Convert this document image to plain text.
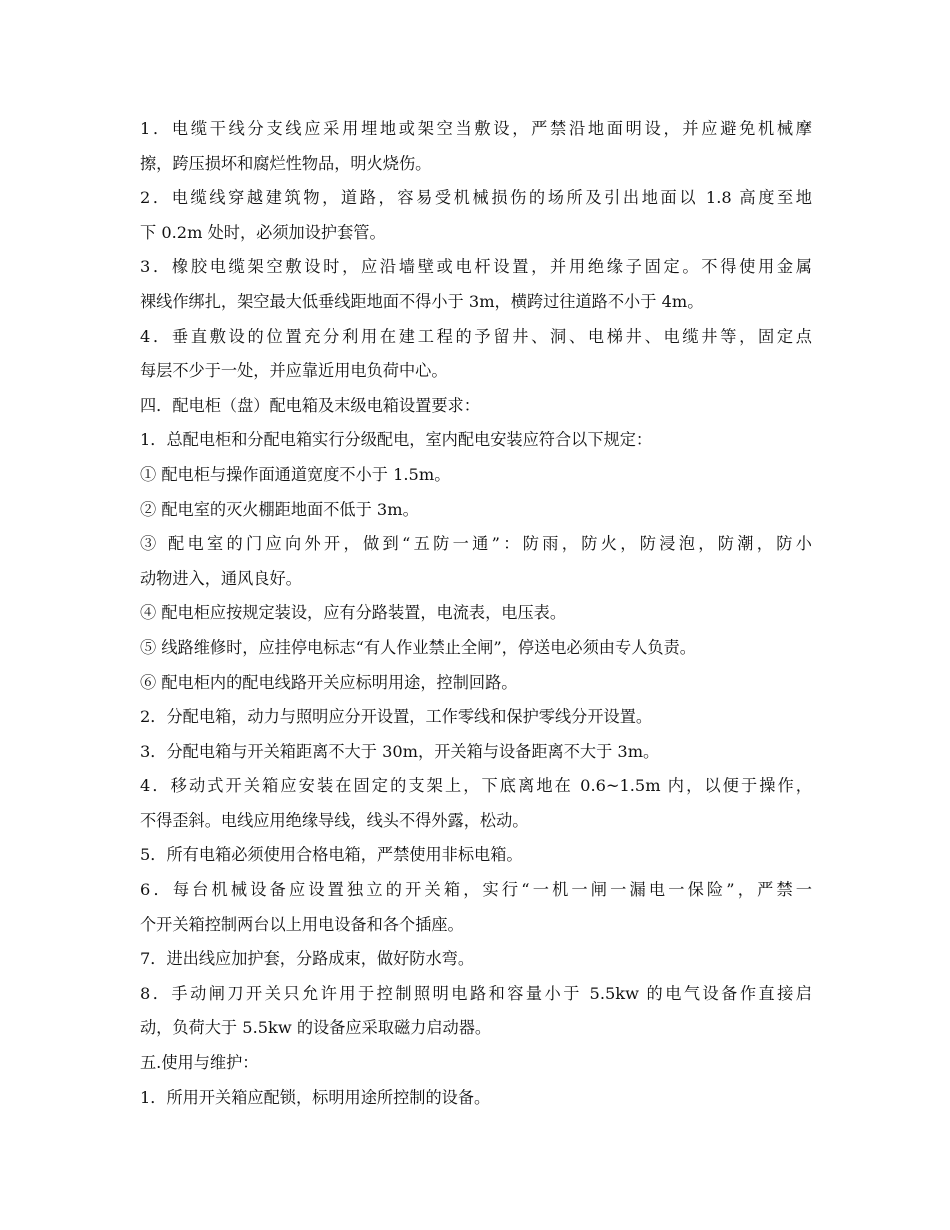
1．电缆干线分支线应采用埋地或架空当敷设，严禁沿地面明设，并应避免机械摩
擦，跨压损坏和腐烂性物品，明火烧伤。
2．电缆线穿越建筑物，道路，容易受机械损伤的场所及引出地面以 1.8 高度至地
下 0.2m 处时，必须加设护套管。
3．橡胶电缆架空敷设时，应沿墙壁或电杆设置，并用绝缘子固定。不得使用金属
裸线作绑扎，架空最大低垂线距地面不得小于 3m，横跨过往道路不小于 4m。
4．垂直敷设的位置充分利用在建工程的予留井、洞、电梯井、电缆井等，固定点
每层不少于一处，并应靠近用电负荷中心。
四．配电柜（盘）配电箱及末级电箱设置要求：
1．总配电柜和分配电箱实行分级配电，室内配电安装应符合以下规定：
① 配电柜与操作面通道宽度不小于 1.5m。
② 配电室的灭火棚距地面不低于 3m。
③ 配电室的门应向外开，做到“五防一通”：防雨，防火，防浸泡，防潮，防小
动物进入，通风良好。
④ 配电柜应按规定装设，应有分路装置，电流表，电压表。
⑤ 线路维修时，应挂停电标志“有人作业禁止全闸”，停送电必须由专人负责。
⑥ 配电柜内的配电线路开关应标明用途，控制回路。
2．分配电箱，动力与照明应分开设置，工作零线和保护零线分开设置。
3．分配电箱与开关箱距离不大于 30m，开关箱与设备距离不大于 3m。
4．移动式开关箱应安装在固定的支架上，下底离地在 0.6~1.5m 内，以便于操作，
不得歪斜。电线应用绝缘导线，线头不得外露，松动。
5．所有电箱必须使用合格电箱，严禁使用非标电箱。
6．每台机械设备应设置独立的开关箱，实行“一机一闸一漏电一保险”，严禁一
个开关箱控制两台以上用电设备和各个插座。
7．进出线应加护套，分路成束，做好防水弯。
8．手动闸刀开关只允许用于控制照明电路和容量小于 5.5kw 的电气设备作直接启
动，负荷大于 5.5kw 的设备应采取磁力启动器。
五.使用与维护：
1．所用开关箱应配锁，标明用途所控制的设备。
